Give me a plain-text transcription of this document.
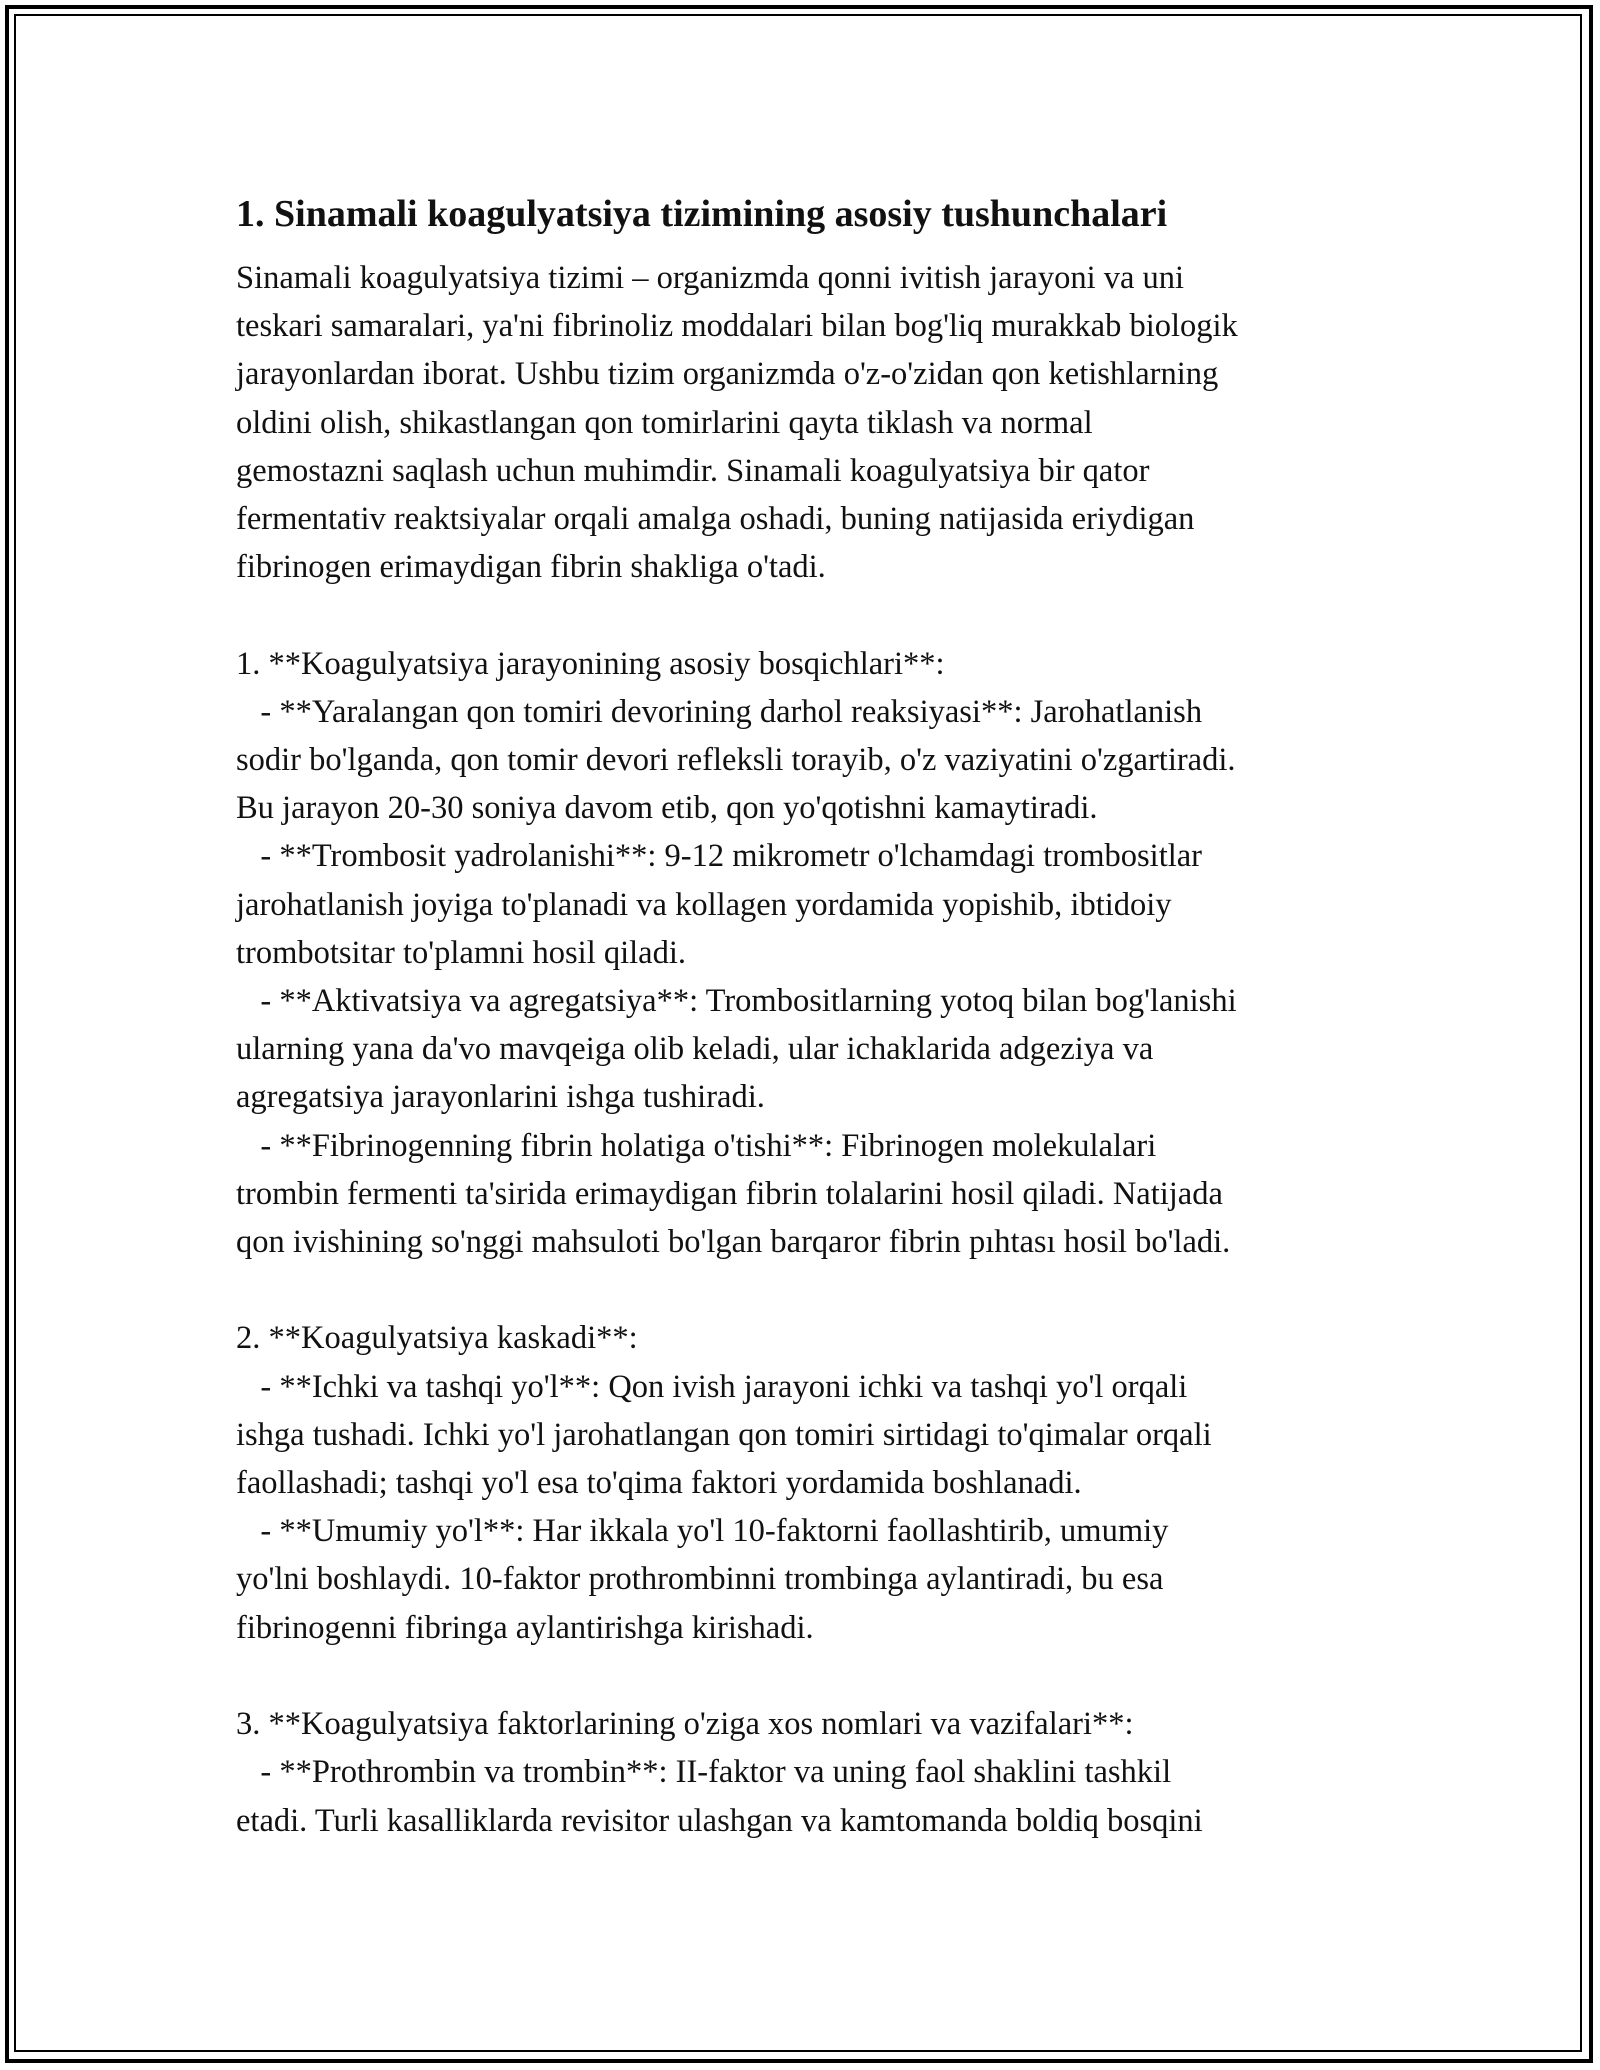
1. Sinamali koagulyatsiya tizimining asosiy tushunchalari

Sinamali koagulyatsiya tizimi – organizmda qonni ivitish jarayoni va uni
teskari samaralari, ya'ni fibrinoliz moddalari bilan bog'liq murakkab biologik
jarayonlardan iborat. Ushbu tizim organizmda o'z-o'zidan qon ketishlarning
oldini olish, shikastlangan qon tomirlarini qayta tiklash va normal
gemostazni saqlash uchun muhimdir. Sinamali koagulyatsiya bir qator
fermentativ reaktsiyalar orqali amalga oshadi, buning natijasida eriydigan
fibrinogen erimaydigan fibrin shakliga o'tadi.

1. **Koagulyatsiya jarayonining asosiy bosqichlari**:
- **Yaralangan qon tomiri devorining darhol reaksiyasi**: Jarohatlanish
sodir bo'lganda, qon tomir devori refleksli torayib, o'z vaziyatini o'zgartiradi.
Bu jarayon 20-30 soniya davom etib, qon yo'qotishni kamaytiradi.
- **Trombosit yadrolanishi**: 9-12 mikrometr o'lchamdagi trombositlar
jarohatlanish joyiga to'planadi va kollagen yordamida yopishib, ibtidoiy
trombotsitar to'plamni hosil qiladi.
- **Aktivatsiya va agregatsiya**: Trombositlarning yotoq bilan bog'lanishi
ularning yana da'vo mavqeiga olib keladi, ular ichaklarida adgeziya va
agregatsiya jarayonlarini ishga tushiradi.
- **Fibrinogenning fibrin holatiga o'tishi**: Fibrinogen molekulalari
trombin fermenti ta'sirida erimaydigan fibrin tolalarini hosil qiladi. Natijada
qon ivishining so'nggi mahsuloti bo'lgan barqaror fibrin pıhtası hosil bo'ladi.

2. **Koagulyatsiya kaskadi**:
- **Ichki va tashqi yo'l**: Qon ivish jarayoni ichki va tashqi yo'l orqali
ishga tushadi. Ichki yo'l jarohatlangan qon tomiri sirtidagi to'qimalar orqali
faollashadi; tashqi yo'l esa to'qima faktori yordamida boshlanadi.
- **Umumiy yo'l**: Har ikkala yo'l 10-faktorni faollashtirib, umumiy
yo'lni boshlaydi. 10-faktor prothrombinni trombinga aylantiradi, bu esa
fibrinogenni fibringa aylantirishga kirishadi.

3. **Koagulyatsiya faktorlarining o'ziga xos nomlari va vazifalari**:
- **Prothrombin va trombin**: II-faktor va uning faol shaklini tashkil
etadi. Turli kasalliklarda revisitor ulashgan va kamtomanda boldiq bosqini
